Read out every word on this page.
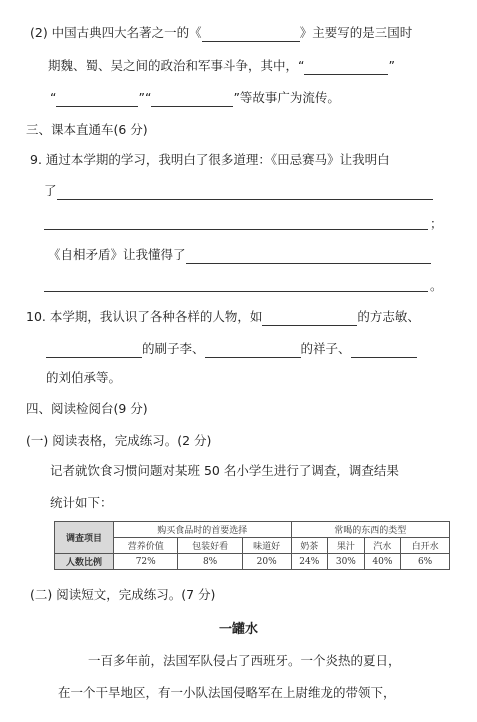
(2) 中国古典四大名著之一的《	》主要写的是三国时
期魏、蜀、吴之间的政治和军事斗争，其中，“	”
“	”“	”等故事广为流传。
三、课本直通车(6 分)
9. 通过本学期的学习，我明白了很多道理：《田忌赛马》让我明白
了
；
《自相矛盾》让我懂得了
。
10. 本学期，我认识了各种各样的人物，如	的方志敏、
的刷子李、	的祥子、
的刘伯承等。
四、阅读检阅台(9 分)
(一) 阅读表格，完成练习。(2 分)
记者就饮食习惯问题对某班 50 名小学生进行了调查，调查结果
统计如下：
调查项目	购买食品时的首要选择			常喝的东西的类型			
	营养价值	包装好看	味道好	奶茶	果汁	汽水	白开水
人数比例	72%	8%	20%	24%	30%	40%	6%
(二) 阅读短文，完成练习。(7 分)
一罐水
一百多年前，法国军队侵占了西班牙。一个炎热的夏日，
在一个干旱地区，有一小队法国侵略军在上尉维龙的带领下，
